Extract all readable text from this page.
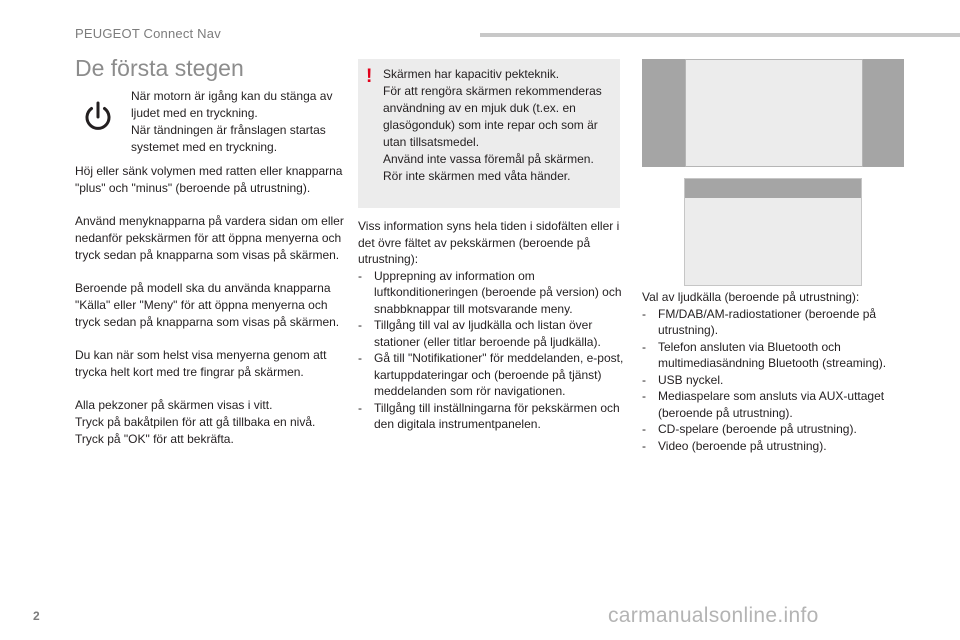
PEUGEOT Connect Nav
De första stegen

När motorn är igång kan du stänga av ljudet med en tryckning.
När tändningen är frånslagen startas systemet med en tryckning.

Höj eller sänk volymen med ratten eller knapparna "plus" och "minus" (beroende på utrustning).

Använd menyknapparna på vardera sidan om eller nedanför pekskärmen för att öppna menyerna och tryck sedan på knapparna som visas på skärmen.

Beroende på modell ska du använda knapparna "Källa" eller "Meny" för att öppna menyerna och tryck sedan på knapparna som visas på skärmen.

Du kan när som helst visa menyerna genom att trycka helt kort med tre fingrar på skärmen.

Alla pekzoner på skärmen visas i vitt.
Tryck på bakåtpilen för att gå tillbaka en nivå.
Tryck på "OK" för att bekräfta.

! Skärmen har kapacitiv pekteknik.
För att rengöra skärmen rekommenderas användning av en mjuk duk (t.ex. en glasögonduk) som inte repar och som är utan tillsatsmedel.
Använd inte vassa föremål på skärmen.
Rör inte skärmen med våta händer.

Viss information syns hela tiden i sidofälten eller i det övre fältet av pekskärmen (beroende på utrustning):

- Upprepning av information om luftkonditioneringen (beroende på version) och snabbknappar till motsvarande meny.
- Tillgång till val av ljudkälla och listan över stationer (eller titlar beroende på ljudkälla).
- Gå till "Notifikationer" för meddelanden, e-post, kartuppdateringar och (beroende på tjänst) meddelanden som rör navigationen.
- Tillgång till inställningarna för pekskärmen och den digitala instrumentpanelen.

Val av ljudkälla (beroende på utrustning):

- FM/DAB/AM-radiostationer (beroende på utrustning).
- Telefon ansluten via Bluetooth och multimediasändning Bluetooth (streaming).
- USB nyckel.
- Mediaspelare som ansluts via AUX-uttaget (beroende på utrustning).
- CD-spelare (beroende på utrustning).
- Video (beroende på utrustning).
2	carmanualsonline.info
